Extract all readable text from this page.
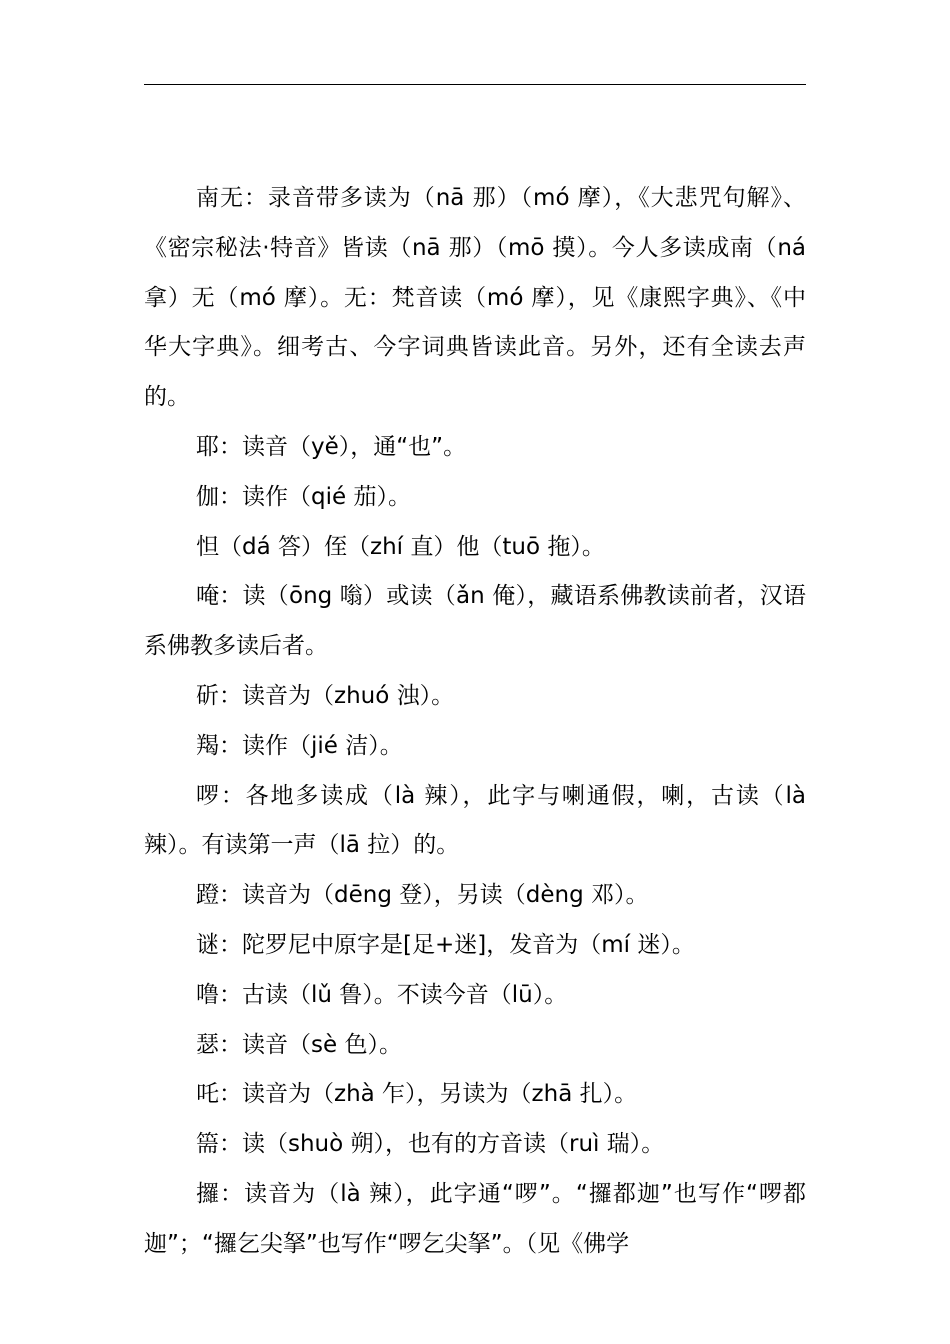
南无：录音带多读为（nā 那）（mó 摩），《大悲咒句解》、《密宗秘法·特音》皆读（nā 那）（mō 摸）。今人多读成南（ná 拿）无（mó 摩）。无：梵音读（mó 摩），见《康熙字典》、《中华大字典》。细考古、今字词典皆读此音。另外，还有全读去声的。

耶：读音（yě），通“也”。

伽：读作（qié 茄）。

怛（dá 答）侄（zhí 直）他（tuō 拖）。

唵：读（ōng 嗡）或读（ǎn 俺），藏语系佛教读前者，汉语系佛教多读后者。

斫：读音为（zhuó 浊）。

羯：读作（jié 洁）。

啰：各地多读成（là 辣），此字与喇通假，喇，古读（là 辣）。有读第一声（lā 拉）的。

蹬：读音为（dēng 登），另读（dèng 邓）。

谜：陀罗尼中原字是[足+迷]，发音为（mí 迷）。

噜：古读（lǔ 鲁）。不读今音（lū）。

瑟：读音（sè 色）。

吒：读音为（zhà 乍），另读为（zhā 扎）。

篅：读（shuò 朔），也有的方音读（ruì 瑞）。

攞：读音为（là 辣），此字通“啰”。“攞都迦”也写作“啰都迦”；“攞乞尖拏”也写作“啰乞尖拏”。（见《佛学
